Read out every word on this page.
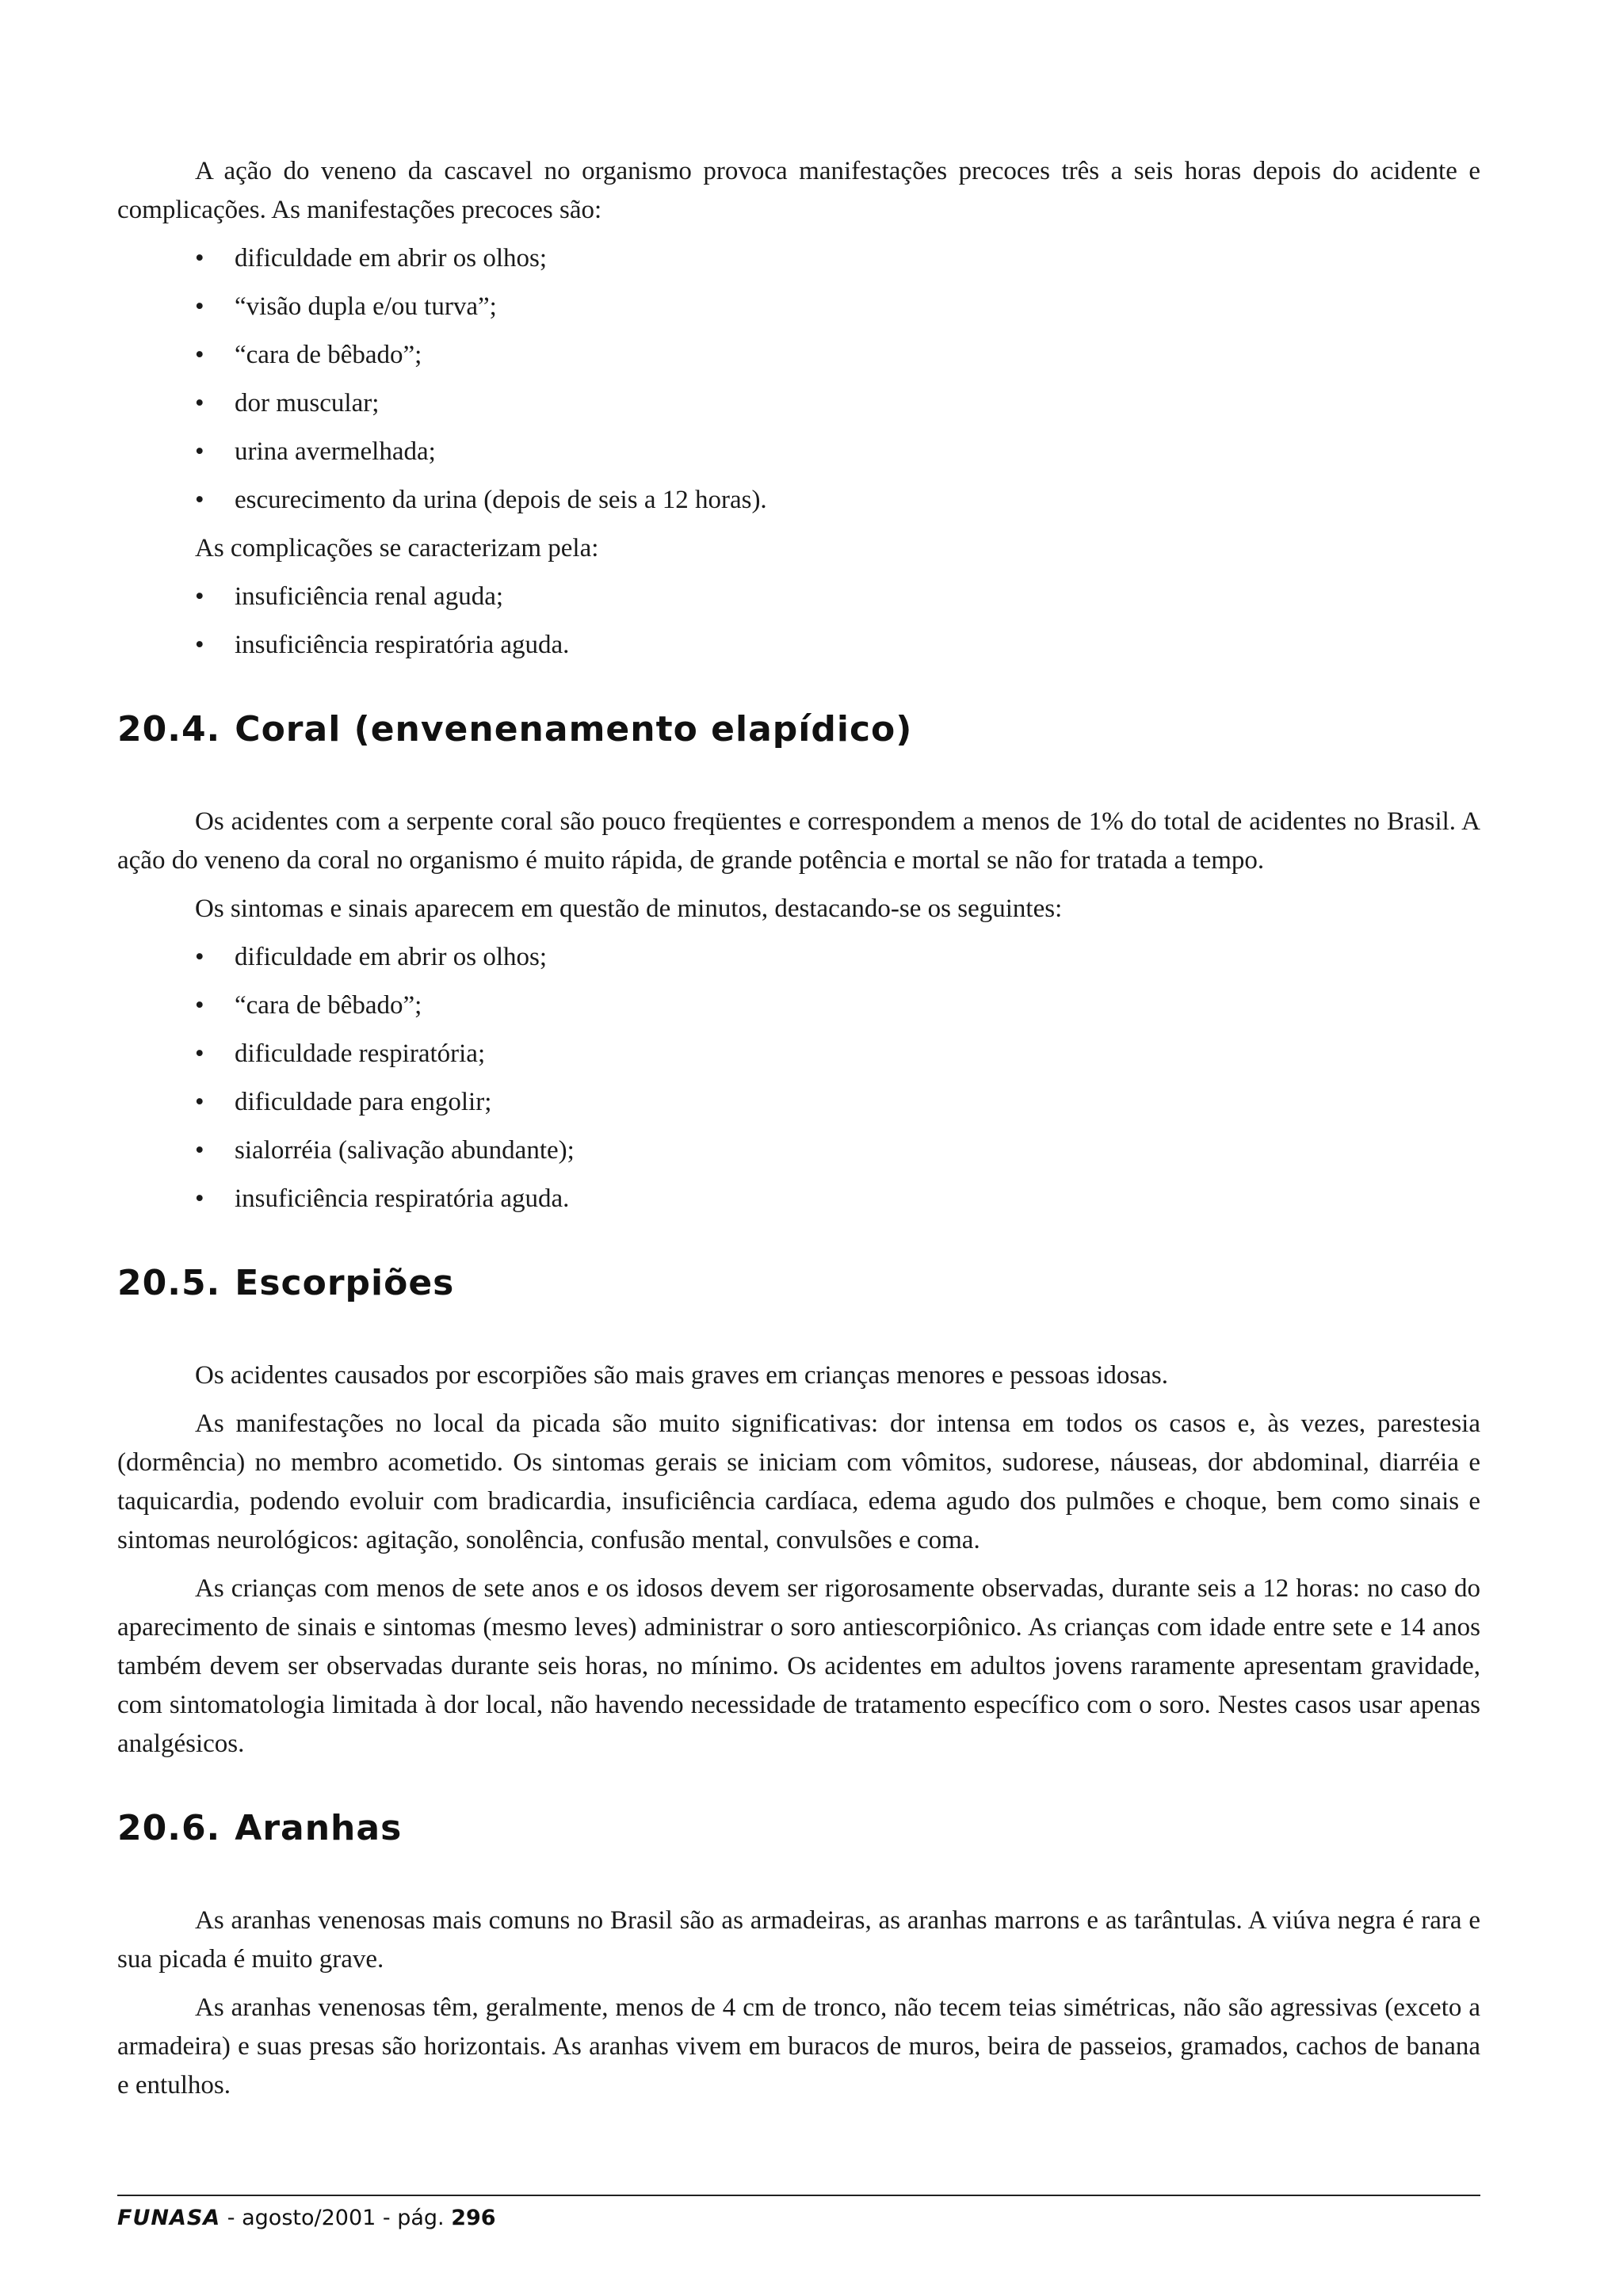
A ação do veneno da cascavel no organismo provoca manifestações precoces três a seis horas depois do acidente e complicações. As manifestações precoces são:

• dificuldade em abrir os olhos;
• “visão dupla e/ou turva”;
• “cara de bêbado”;
• dor muscular;
• urina avermelhada;
• escurecimento da urina (depois de seis a 12 horas).

As complicações se caracterizam pela:

• insuficiência renal aguda;
• insuficiência respiratória aguda.
20.4. Coral (envenenamento elapídico)

Os acidentes com a serpente coral são pouco freqüentes e correspondem a menos de 1% do total de acidentes no Brasil. A ação do veneno da coral no organismo é muito rápida, de grande potência e mortal se não for tratada a tempo.

Os sintomas e sinais aparecem em questão de minutos, destacando-se os seguintes:

• dificuldade em abrir os olhos;
• “cara de bêbado”;
• dificuldade respiratória;
• dificuldade para engolir;
• sialorréia (salivação abundante);
• insuficiência respiratória aguda.
20.5. Escorpiões

Os acidentes causados por escorpiões são mais graves em crianças menores e pessoas idosas.

As manifestações no local da picada são muito significativas: dor intensa em todos os casos e, às vezes, parestesia (dormência) no membro acometido. Os sintomas gerais se iniciam com vômitos, sudorese, náuseas, dor abdominal, diarréia e taquicardia, podendo evoluir com bradicardia, insuficiência cardíaca, edema agudo dos pulmões e choque, bem como sinais e sintomas neurológicos: agitação, sonolência, confusão mental, convulsões e coma.

As crianças com menos de sete anos e os idosos devem ser rigorosamente observadas, durante seis a 12 horas: no caso do aparecimento de sinais e sintomas (mesmo leves) administrar o soro antiescorpiônico. As crianças com idade entre sete e 14 anos também devem ser observadas durante seis horas, no mínimo. Os acidentes em adultos jovens raramente apresentam gravidade, com sintomatologia limitada à dor local, não havendo necessidade de tratamento específico com o soro. Nestes casos usar apenas analgésicos.

20.6. Aranhas

As aranhas venenosas mais comuns no Brasil são as armadeiras, as aranhas marrons e as tarântulas. A viúva negra é rara e sua picada é muito grave.

As aranhas venenosas têm, geralmente, menos de 4 cm de tronco, não tecem teias simétricas, não são agressivas (exceto a armadeira) e suas presas são horizontais. As aranhas vivem em buracos de muros, beira de passeios, gramados, cachos de banana e entulhos.

FUNASA - agosto/2001 - pág. 296
